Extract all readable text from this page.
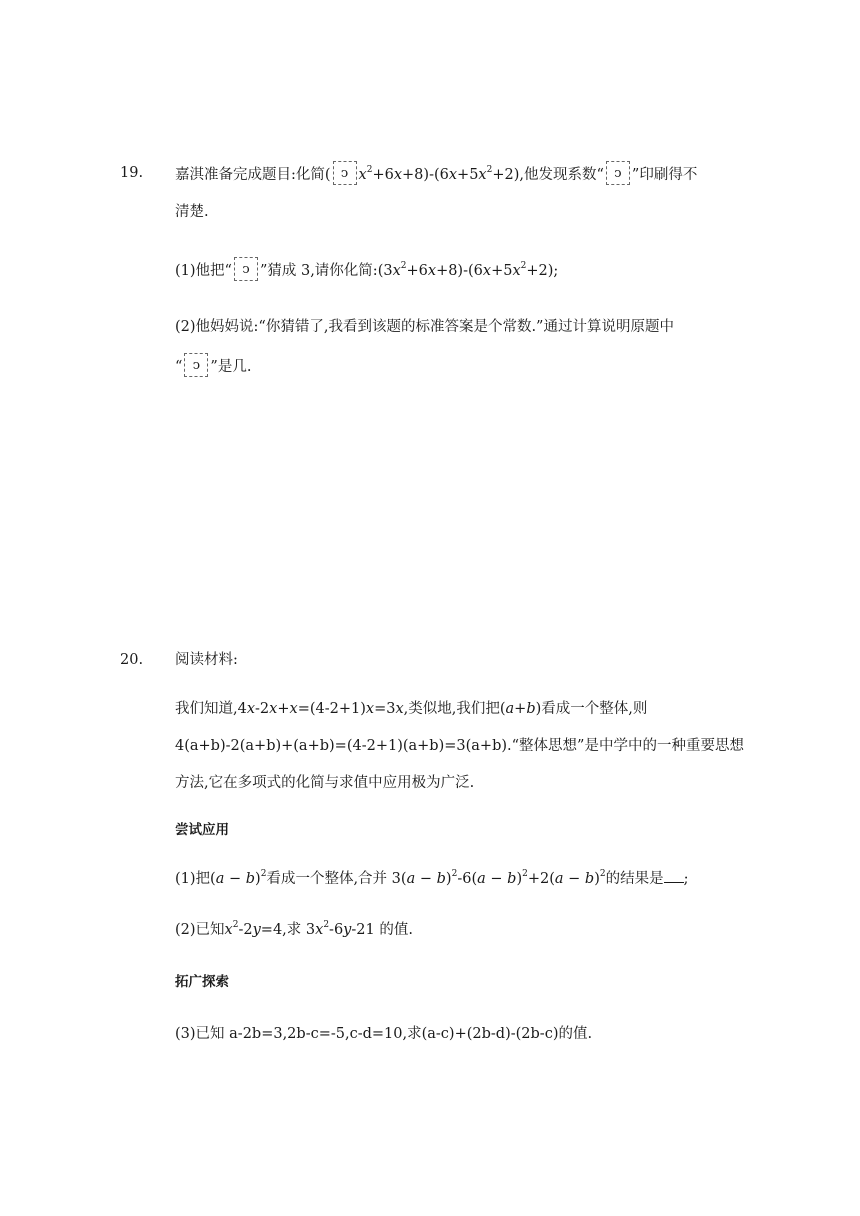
19. 嘉淇准备完成题目:化简( ↄ $x^2+6x+8)-(6x+5x^2+2)$,他发现系数“ ↄ ”印刷得不
清楚.
(1)他把“ ↄ ”猜成 3,请你化简$:(3x^2+6x+8)-(6x+5x^2+2)$;
(2)他妈妈说:“你猜错了,我看到该题的标准答案是个常数.”通过计算说明原题中
“ ↄ ”是几.
20. 阅读材料:
我们知道,4x-2x+x=(4-2+1)x=3x,类似地,我们把(a+b)看成一个整体,则
4(a+b)-2(a+b)+(a+b)=(4-2+1)(a+b)=3(a+b).“整体思想”是中学中的一种重要思想
方法,它在多项式的化简与求值中应用极为广泛.
尝试应用
(1)把$(a - b)^2$看成一个整体,合并 $3(a - b)^2-6(a - b)^2+2(a - b)^2$的结果是 ;
(2)已知$x^2-2y=4$,求 $3x^2-6y-21$ 的值.
拓广探索
(3)已知 a-2b=3,2b-c=-5,c-d=10,求(a-c)+(2b-d)-(2b-c)的值.
